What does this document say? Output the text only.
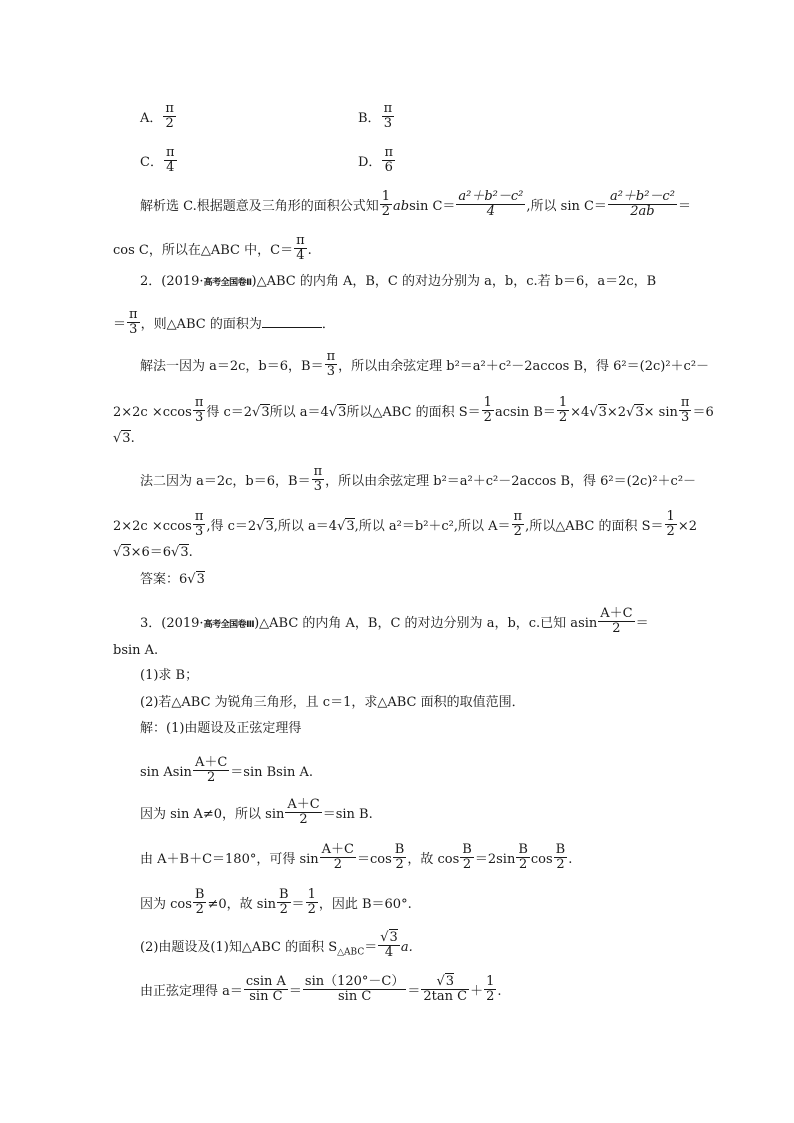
A． $\frac{\pi}{2}$	B． $\frac{\pi}{3}$
C． $\frac{\pi}{4}$	D． $\frac{\pi}{6}$
解析选 C.根据题意及三角形的面积公式知 $\frac{1}{2}$ absin $C= \frac{\text{a²＋b²－c²}}{4}$ ,所以 $\sin C= \frac{\text{a²＋b²－c²}}{2ab}$ ＝
cos C，所以在△ABC 中，$C= \frac{\pi}{4}$ .
2．(2019·高考全国卷Ⅱ)△ABC 的内角 A，B，C 的对边分别为 a，b，c.若 b＝6，a＝2c，B
＝ $\frac{\pi}{3}$ ，则△ABC 的面积为	．
解法一因为 a＝2c，b＝6，$B= \frac{\pi}{3}$ ，所以由余弦定理 b²＝a²＋c²－2accos B，得 6²＝(2c)²＋c²－
$2\times 2c \times ccos \frac{\pi}{3}$ 得 c＝2√3所以 a＝4√3所以△ABC 的面积 $S= \frac{1}{2}$ acsin $B= \frac{1}{2} \times 4√3\times 2√3\times \sin \frac{\pi}{3} =6$
√3.
法二因为 a＝2c，b＝6，$B= \frac{\pi}{3}$ ，所以由余弦定理 b²＝a²＋c²－2accos B，得 6²＝(2c)²＋c²－
$2\times 2c \times ccos \frac{\pi}{3}$ ,得 c＝2√3,所以 a＝4√3,所以 a²＝b²＋c²,所以 $A= \frac{\pi}{2}$ ,所以△ABC 的面积 $S= \frac{1}{2} \times 2$
√3×6＝6√3.
答案：6√3
3．(2019·高考全国卷Ⅲ)△ABC 的内角 A，B，C 的对边分别为 a，b，c.已知 asin $\frac{A+C}{2}$ ＝
bsin A.
(1)求 B；
(2)若△ABC 为锐角三角形，且 c＝1，求△ABC 面积的取值范围．
解：(1)由题设及正弦定理得
sin Asin $\frac{A+C}{2} =\sin$ Bsin A.
因为 sin A≠0，所以 $\sin \frac{A+C}{2} =\sin$ B.
由 A＋B＋C＝180°，可得 $\sin \frac{A+C}{2} =\cos \frac{B}{2}$ ，故 $\cos \frac{B}{2} =2\sin \frac{B}{2}$ $\cos \frac{B}{2}$ .
因为 $\cos \frac{B}{2} \ne 0$，故 $\sin \frac{B}{2} = \frac{1}{2}$ ，因此 B＝60°.
(2)由题设及(1)知△ABC 的面积 $S_{\triangle ABC}= \frac{√3}{4} a$.
由正弦定理得 $a= \frac{\text{csin A}}{\text{sin C}} = \frac{\sin(120^\circ-C)}{\text{sin C}} = \frac{√3}{\text{2tan C}} + \frac{1}{2}$ .
